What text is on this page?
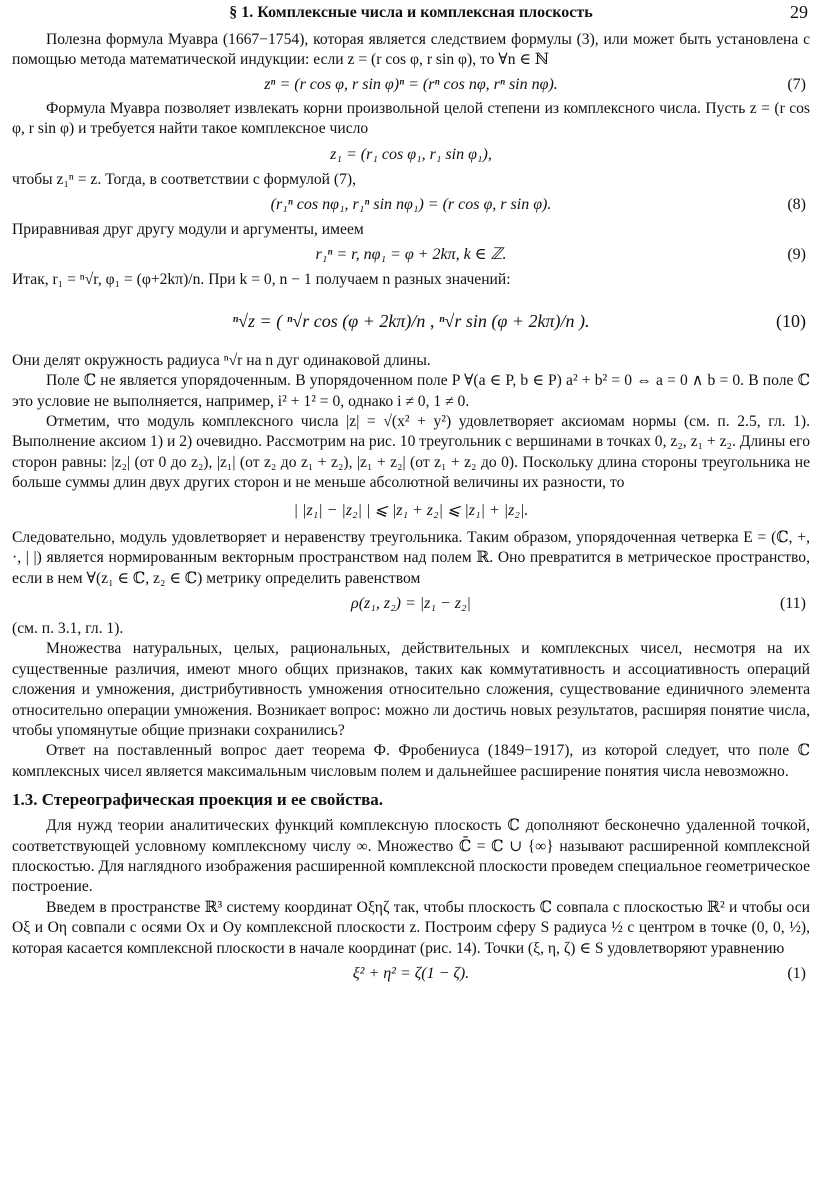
§ 1. Комплексные числа и комплексная плоскость	29

Полезна формула Муавра (1667−1754), которая является следствием формулы (3), или может быть установлена с помощью метода математической индукции: если z = (r cos φ, r sin φ), то ∀n ∈ ℕ

zⁿ = (r cos φ, r sin φ)ⁿ = (rⁿ cos nφ, rⁿ sin nφ).	(7)

Формула Муавра позволяет извлекать корни произвольной целой степени из комплексного числа. Пусть z = (r cos φ, r sin φ) и требуется найти такое комплексное число

z₁ = (r₁ cos φ₁, r₁ sin φ₁),

чтобы z₁ⁿ = z. Тогда, в соответствии с формулой (7),

(r₁ⁿ cos nφ₁, r₁ⁿ sin nφ₁) = (r cos φ, r sin φ).	(8)

Приравнивая друг другу модули и аргументы, имеем

r₁ⁿ = r, nφ₁ = φ + 2kπ, k ∈ ℤ.	(9)

Итак, r₁ = ⁿ√r, φ₁ = (φ+2kπ)/n. При k = 0, n − 1 получаем n разных значений:

ⁿ√z = ( ⁿ√r cos (φ + 2kπ)/n , ⁿ√r sin (φ + 2kπ)/n ).	(10)

Они делят окружность радиуса ⁿ√r на n дуг одинаковой длины.

Поле ℂ не является упорядоченным. В упорядоченном поле P ∀(a ∈ P, b ∈ P) a² + b² = 0 ⇔ a = 0 ∧ b = 0. В поле ℂ это условие не выполняется, например, i² + 1² = 0, однако i ≠ 0, 1 ≠ 0.

Отметим, что модуль комплексного числа |z| = √(x² + y²) удовлетворяет аксиомам нормы (см. п. 2.5, гл. 1). Выполнение аксиом 1) и 2) очевидно. Рассмотрим на рис. 10 треугольник с вершинами в точках 0, z₂, z₁ + z₂. Длины его сторон равны: |z₂| (от 0 до z₂), |z₁| (от z₂ до z₁ + z₂), |z₁ + z₂| (от z₁ + z₂ до 0). Поскольку длина стороны треугольника не больше суммы длин двух других сторон и не меньше абсолютной величины их разности, то

| |z₁| − |z₂| | ⩽ |z₁ + z₂| ⩽ |z₁| + |z₂|.

Следовательно, модуль удовлетворяет и неравенству треугольника. Таким образом, упорядоченная четверка E = (ℂ, +, ·, | |) является нормированным векторным пространством над полем ℝ. Оно превратится в метрическое пространство, если в нем ∀(z₁ ∈ ℂ, z₂ ∈ ℂ) метрику определить равенством

ρ(z₁, z₂) = |z₁ − z₂|	(11)

(см. п. 3.1, гл. 1).

Множества натуральных, целых, рациональных, действительных и комплексных чисел, несмотря на их существенные различия, имеют много общих признаков, таких как коммутативность и ассоциативность операций сложения и умножения, дистрибутивность умножения относительно сложения, существование единичного элемента относительно операции умножения. Возникает вопрос: можно ли достичь новых результатов, расширяя понятие числа, чтобы упомянутые общие признаки сохранились?

Ответ на поставленный вопрос дает теорема Ф. Фробениуса (1849−1917), из которой следует, что поле ℂ комплексных чисел является максимальным числовым полем и дальнейшее расширение понятия числа невозможно.

1.3. Стереографическая проекция и ее свойства.

Для нужд теории аналитических функций комплексную плоскость ℂ дополняют бесконечно удаленной точкой, соответствующей условному комплексному числу ∞. Множество ℂ̄ = ℂ ∪ {∞} называют расширенной комплексной плоскостью. Для наглядного изображения расширенной комплексной плоскости проведем специальное геометрическое построение.

Введем в пространстве ℝ³ систему координат Oξηζ так, чтобы плоскость ℂ совпала с плоскостью ℝ² и чтобы оси Oξ и Oη совпали с осями Ox и Oy комплексной плоскости z. Построим сферу S радиуса ½ с центром в точке (0, 0, ½), которая касается комплексной плоскости в начале координат (рис. 14). Точки (ξ, η, ζ) ∈ S удовлетворяют уравнению

ξ² + η² = ζ(1 − ζ).	(1)
